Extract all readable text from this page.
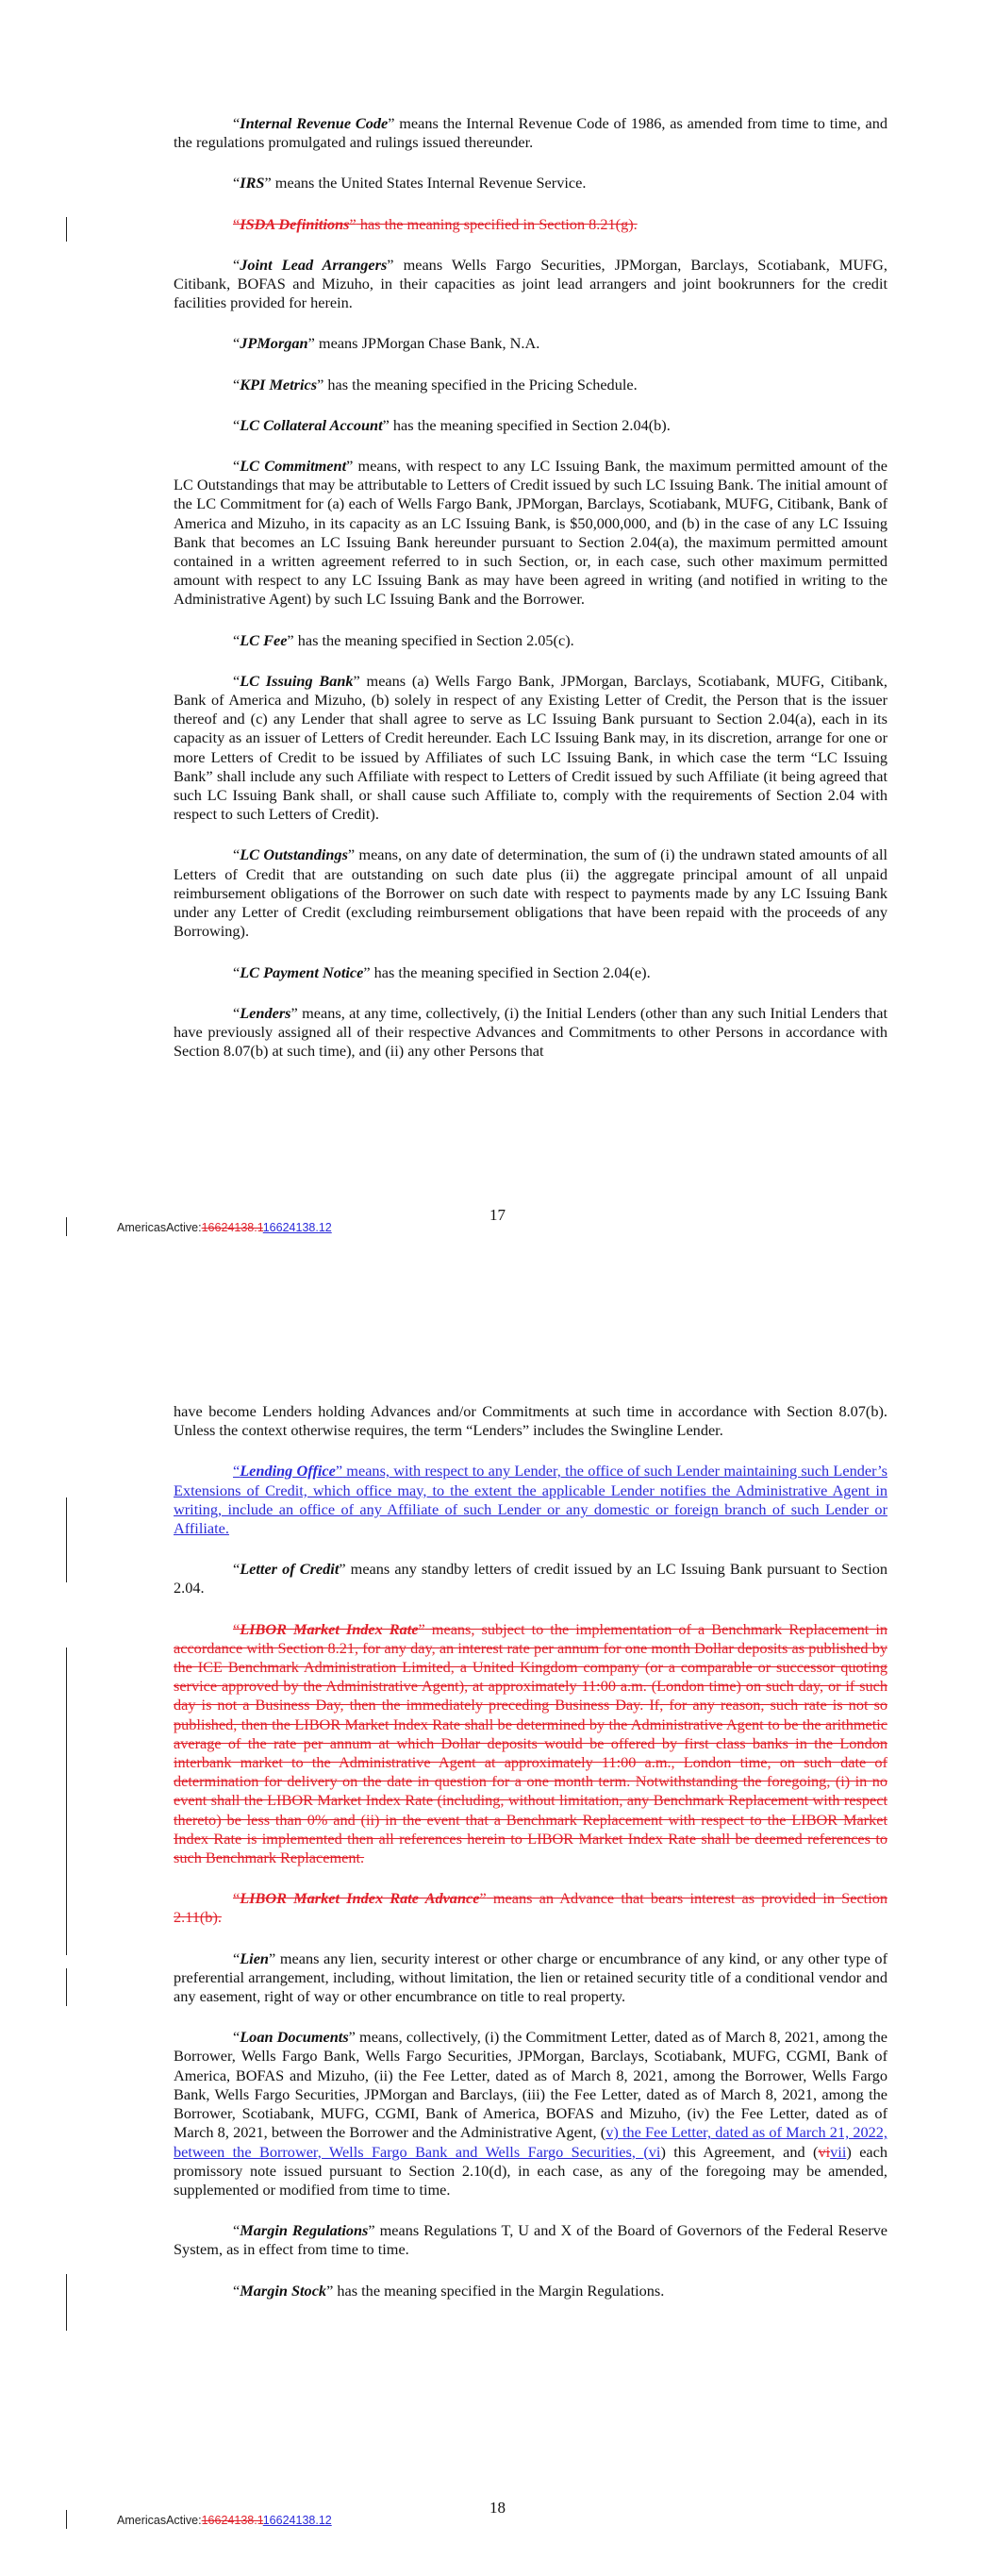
“Internal Revenue Code” means the Internal Revenue Code of 1986, as amended from time to time, and the regulations promulgated and rulings issued thereunder.

“IRS” means the United States Internal Revenue Service.

“ISDA Definitions” has the meaning specified in Section 8.21(g).

“Joint Lead Arrangers” means Wells Fargo Securities, JPMorgan, Barclays, Scotiabank, MUFG, Citibank, BOFAS and Mizuho, in their capacities as joint lead arrangers and joint bookrunners for the credit facilities provided for herein.

“JPMorgan” means JPMorgan Chase Bank, N.A.

“KPI Metrics” has the meaning specified in the Pricing Schedule.

“LC Collateral Account” has the meaning specified in Section 2.04(b).

“LC Commitment” means, with respect to any LC Issuing Bank, the maximum permitted amount of the LC Outstandings that may be attributable to Letters of Credit issued by such LC Issuing Bank. The initial amount of the LC Commitment for (a) each of Wells Fargo Bank, JPMorgan, Barclays, Scotiabank, MUFG, Citibank, Bank of America and Mizuho, in its capacity as an LC Issuing Bank, is $50,000,000, and (b) in the case of any LC Issuing Bank that becomes an LC Issuing Bank hereunder pursuant to Section 2.04(a), the maximum permitted amount contained in a written agreement referred to in such Section, or, in each case, such other maximum permitted amount with respect to any LC Issuing Bank as may have been agreed in writing (and notified in writing to the Administrative Agent) by such LC Issuing Bank and the Borrower.

“LC Fee” has the meaning specified in Section 2.05(c).

“LC Issuing Bank” means (a) Wells Fargo Bank, JPMorgan, Barclays, Scotiabank, MUFG, Citibank, Bank of America and Mizuho, (b) solely in respect of any Existing Letter of Credit, the Person that is the issuer thereof and (c) any Lender that shall agree to serve as LC Issuing Bank pursuant to Section 2.04(a), each in its capacity as an issuer of Letters of Credit hereunder. Each LC Issuing Bank may, in its discretion, arrange for one or more Letters of Credit to be issued by Affiliates of such LC Issuing Bank, in which case the term “LC Issuing Bank” shall include any such Affiliate with respect to Letters of Credit issued by such Affiliate (it being agreed that such LC Issuing Bank shall, or shall cause such Affiliate to, comply with the requirements of Section 2.04 with respect to such Letters of Credit).

“LC Outstandings” means, on any date of determination, the sum of (i) the undrawn stated amounts of all Letters of Credit that are outstanding on such date plus (ii) the aggregate principal amount of all unpaid reimbursement obligations of the Borrower on such date with respect to payments made by any LC Issuing Bank under any Letter of Credit (excluding reimbursement obligations that have been repaid with the proceeds of any Borrowing).

“LC Payment Notice” has the meaning specified in Section 2.04(e).

“Lenders” means, at any time, collectively, (i) the Initial Lenders (other than any such Initial Lenders that have previously assigned all of their respective Advances and Commitments to other Persons in accordance with Section 8.07(b) at such time), and (ii) any other Persons that

17
AmericasActive:16624138.116624138.12

have become Lenders holding Advances and/or Commitments at such time in accordance with Section 8.07(b). Unless the context otherwise requires, the term “Lenders” includes the Swingline Lender.

“Lending Office” means, with respect to any Lender, the office of such Lender maintaining such Lender’s Extensions of Credit, which office may, to the extent the applicable Lender notifies the Administrative Agent in writing, include an office of any Affiliate of such Lender or any domestic or foreign branch of such Lender or Affiliate.

“Letter of Credit” means any standby letters of credit issued by an LC Issuing Bank pursuant to Section 2.04.

“LIBOR Market Index Rate” means, subject to the implementation of a Benchmark Replacement in accordance with Section 8.21, for any day, an interest rate per annum for one month Dollar deposits as published by the ICE Benchmark Administration Limited, a United Kingdom company (or a comparable or successor quoting service approved by the Administrative Agent), at approximately 11:00 a.m. (London time) on such day, or if such day is not a Business Day, then the immediately preceding Business Day. If, for any reason, such rate is not so published, then the LIBOR Market Index Rate shall be determined by the Administrative Agent to be the arithmetic average of the rate per annum at which Dollar deposits would be offered by first class banks in the London interbank market to the Administrative Agent at approximately 11:00 a.m., London time, on such date of determination for delivery on the date in question for a one month term. Notwithstanding the foregoing, (i) in no event shall the LIBOR Market Index Rate (including, without limitation, any Benchmark Replacement with respect thereto) be less than 0% and (ii) in the event that a Benchmark Replacement with respect to the LIBOR Market Index Rate is implemented then all references herein to LIBOR Market Index Rate shall be deemed references to such Benchmark Replacement.

“LIBOR Market Index Rate Advance” means an Advance that bears interest as provided in Section 2.11(b).

“Lien” means any lien, security interest or other charge or encumbrance of any kind, or any other type of preferential arrangement, including, without limitation, the lien or retained security title of a conditional vendor and any easement, right of way or other encumbrance on title to real property.

“Loan Documents” means, collectively, (i) the Commitment Letter, dated as of March 8, 2021, among the Borrower, Wells Fargo Bank, Wells Fargo Securities, JPMorgan, Barclays, Scotiabank, MUFG, CGMI, Bank of America, BOFAS and Mizuho, (ii) the Fee Letter, dated as of March 8, 2021, among the Borrower, Wells Fargo Bank, Wells Fargo Securities, JPMorgan and Barclays, (iii) the Fee Letter, dated as of March 8, 2021, among the Borrower, Scotiabank, MUFG, CGMI, Bank of America, BOFAS and Mizuho, (iv) the Fee Letter, dated as of March 8, 2021, between the Borrower and the Administrative Agent, (v) the Fee Letter, dated as of March 21, 2022, between the Borrower, Wells Fargo Bank and Wells Fargo Securities, (vi) this Agreement, and (vivii) each promissory note issued pursuant to Section 2.10(d), in each case, as any of the foregoing may be amended, supplemented or modified from time to time.

“Margin Regulations” means Regulations T, U and X of the Board of Governors of the Federal Reserve System, as in effect from time to time.

“Margin Stock” has the meaning specified in the Margin Regulations.

18
AmericasActive:16624138.116624138.12
